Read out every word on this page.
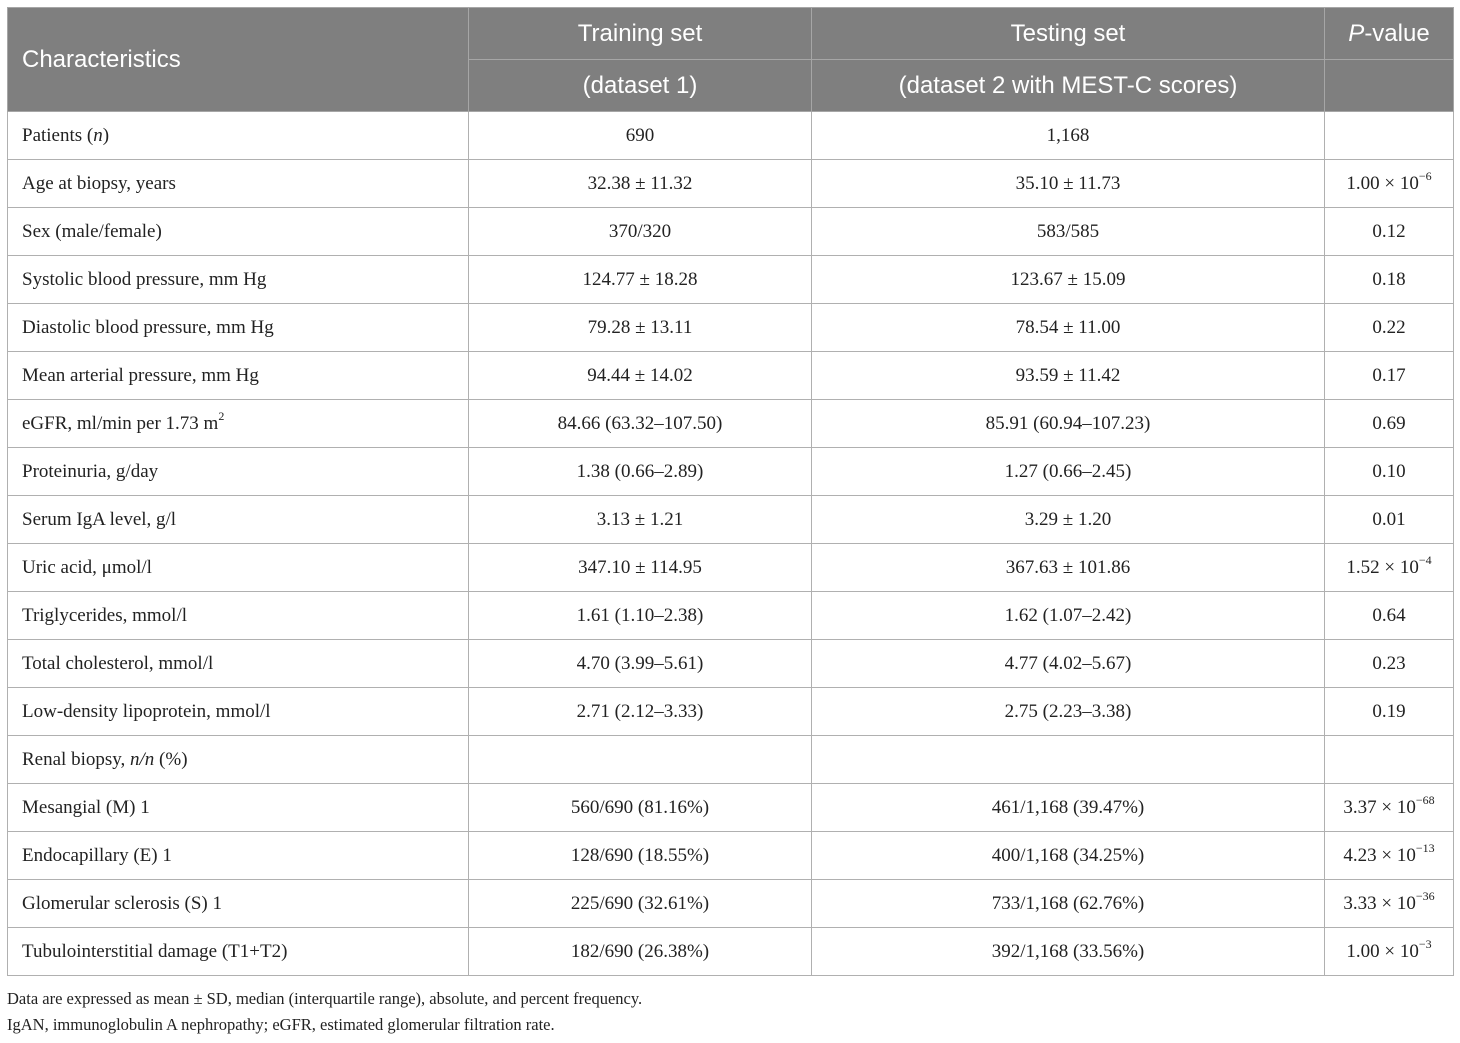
Characteristics	Training set	Testing set	P-value
	(dataset 1)	(dataset 2 with MEST-C scores)	
Patients (n)	690	1,168	
Age at biopsy, years	32.38 ± 11.32	35.10 ± 11.73	$1.00 \times 10^{-6}$
Sex (male/female)	370/320	583/585	0.12
Systolic blood pressure, mm Hg	124.77 ± 18.28	123.67 ± 15.09	0.18
Diastolic blood pressure, mm Hg	79.28 ± 13.11	78.54 ± 11.00	0.22
Mean arterial pressure, mm Hg	94.44 ± 14.02	93.59 ± 11.42	0.17
eGFR, ml/min per 1.73 $m^2$	84.66 (63.32–107.50)	85.91 (60.94–107.23)	0.69
Proteinuria, g/day	1.38 (0.66–2.89)	1.27 (0.66–2.45)	0.10
Serum IgA level, g/l	3.13 ± 1.21	3.29 ± 1.20	0.01
Uric acid, μmol/l	347.10 ± 114.95	367.63 ± 101.86	$1.52 \times 10^{-4}$
Triglycerides, mmol/l	1.61 (1.10–2.38)	1.62 (1.07–2.42)	0.64
Total cholesterol, mmol/l	4.70 (3.99–5.61)	4.77 (4.02–5.67)	0.23
Low-density lipoprotein, mmol/l	2.71 (2.12–3.33)	2.75 (2.23–3.38)	0.19
Renal biopsy, n/n (%)			
Mesangial (M) 1	560/690 (81.16%)	461/1,168 (39.47%)	$3.37 \times 10^{-68}$
Endocapillary (E) 1	128/690 (18.55%)	400/1,168 (34.25%)	$4.23 \times 10^{-13}$
Glomerular sclerosis (S) 1	225/690 (32.61%)	733/1,168 (62.76%)	$3.33 \times 10^{-36}$
Tubulointerstitial damage (T1+T2)	182/690 (26.38%)	392/1,168 (33.56%)	$1.00 \times 10^{-3}$
Data are expressed as mean ± SD, median (interquartile range), absolute, and percent frequency.
IgAN, immunoglobulin A nephropathy; eGFR, estimated glomerular filtration rate.
